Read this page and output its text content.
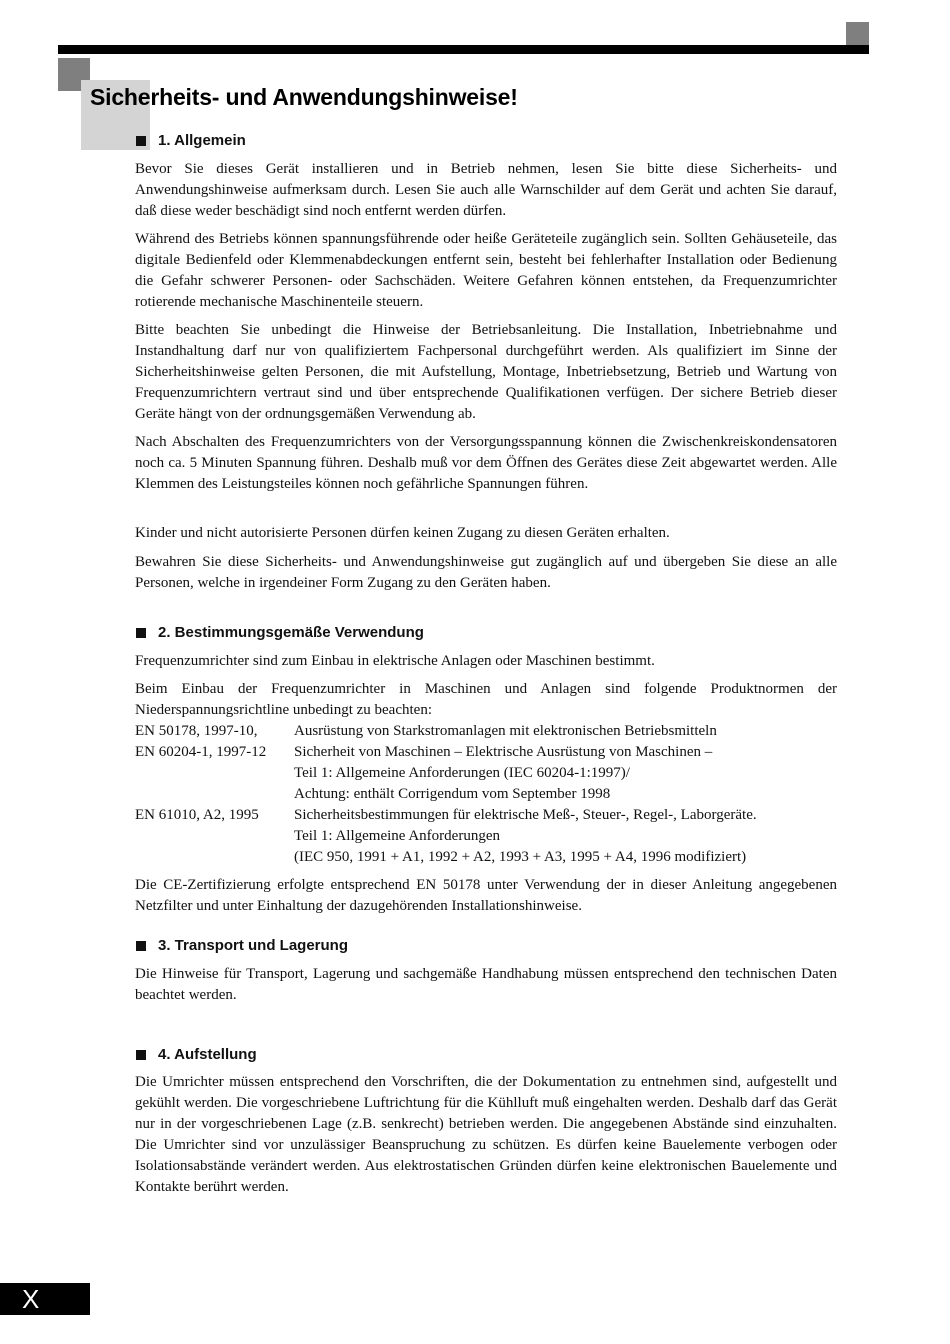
Sicherheits- und Anwendungshinweise!
1. Allgemein

Bevor Sie dieses Gerät installieren und in Betrieb nehmen, lesen Sie bitte diese Sicherheits- und Anwendungshinweise aufmerksam durch. Lesen Sie auch alle Warnschilder auf dem Gerät und achten Sie darauf, daß diese weder beschädigt sind noch entfernt werden dürfen.

Während des Betriebs können spannungsführende oder heiße Geräteteile zugänglich sein. Sollten Gehäuseteile, das digitale Bedienfeld oder Klemmenabdeckungen entfernt sein, besteht bei fehlerhafter Installation oder Bedienung die Gefahr schwerer Personen- oder Sachschäden. Weitere Gefahren können entstehen, da Frequenzumrichter rotierende mechanische Maschinenteile steuern.

Bitte beachten Sie unbedingt die Hinweise der Betriebsanleitung. Die Installation, Inbetriebnahme und Instandhaltung darf nur von qualifiziertem Fachpersonal durchgeführt werden. Als qualifiziert im Sinne der Sicherheitshinweise gelten Personen, die mit Aufstellung, Montage, Inbetriebsetzung, Betrieb und Wartung von Frequenzumrichtern vertraut sind und über entsprechende Qualifikationen verfügen. Der sichere Betrieb dieser Geräte hängt von der ordnungsgemäßen Verwendung ab.

Nach Abschalten des Frequenzumrichters von der Versorgungsspannung können die Zwischenkreiskondensatoren noch ca. 5 Minuten Spannung führen. Deshalb muß vor dem Öffnen des Gerätes diese Zeit abgewartet werden. Alle Klemmen des Leistungsteiles können noch gefährliche Spannungen führen.

Kinder und nicht autorisierte Personen dürfen keinen Zugang zu diesen Geräten erhalten.

Bewahren Sie diese Sicherheits- und Anwendungshinweise gut zugänglich auf und übergeben Sie diese an alle Personen, welche in irgendeiner Form Zugang zu den Geräten haben.

2. Bestimmungsgemäße Verwendung

Frequenzumrichter sind zum Einbau in elektrische Anlagen oder Maschinen bestimmt.

Beim Einbau der Frequenzumrichter in Maschinen und Anlagen sind folgende Produktnormen der Niederspannungsrichtline unbedingt zu beachten:

EN 50178, 1997-10, Ausrüstung von Starkstromanlagen mit elektronischen Betriebsmitteln
EN 60204-1, 1997-12 Sicherheit von Maschinen – Elektrische Ausrüstung von Maschinen –
Teil 1: Allgemeine Anforderungen (IEC 60204-1:1997)/
Achtung: enthält Corrigendum vom September 1998
EN 61010, A2, 1995 Sicherheitsbestimmungen für elektrische Meß-, Steuer-, Regel-, Laborgeräte.
Teil 1: Allgemeine Anforderungen
(IEC 950, 1991 + A1, 1992 + A2, 1993 + A3, 1995 + A4, 1996 modifiziert)

Die CE-Zertifizierung erfolgte entsprechend EN 50178 unter Verwendung der in dieser Anleitung angegebenen Netzfilter und unter Einhaltung der dazugehörenden Installationshinweise.

3. Transport und Lagerung

Die Hinweise für Transport, Lagerung und sachgemäße Handhabung müssen entsprechend den technischen Daten beachtet werden.

4. Aufstellung

Die Umrichter müssen entsprechend den Vorschriften, die der Dokumentation zu entnehmen sind, aufgestellt und gekühlt werden. Die vorgeschriebene Luftrichtung für die Kühlluft muß eingehalten werden. Deshalb darf das Gerät nur in der vorgeschriebenen Lage (z.B. senkrecht) betrieben werden. Die angegebenen Abstände sind einzuhalten. Die Umrichter sind vor unzulässiger Beanspruchung zu schützen. Es dürfen keine Bauelemente verbogen oder Isolationsabstände verändert werden. Aus elektrostatischen Gründen dürfen keine elektronischen Bauelemente und Kontakte berührt werden.

X
